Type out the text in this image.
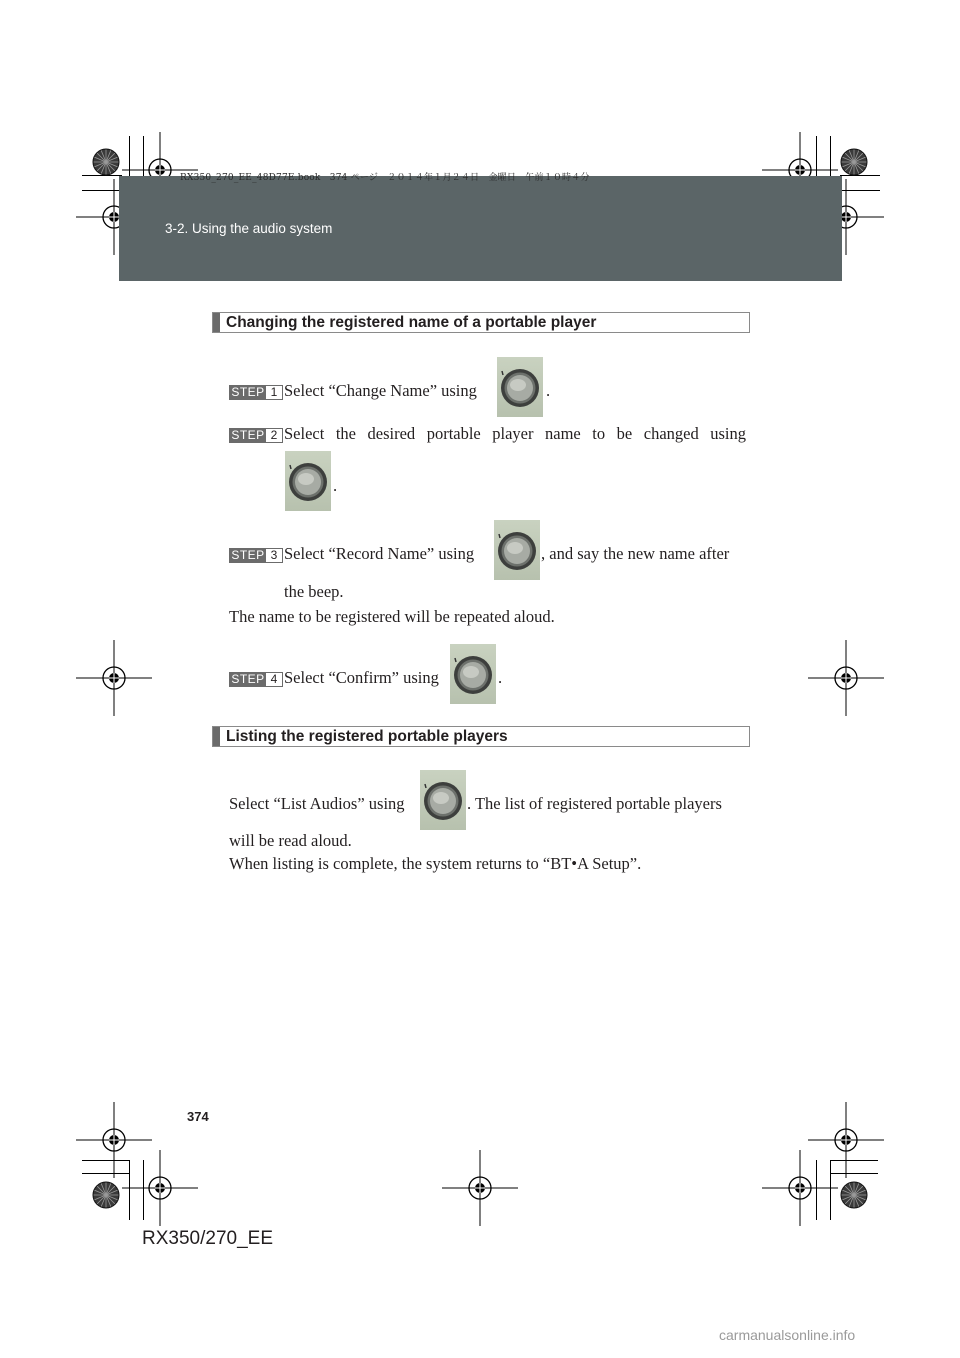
RX350_270_EE_48D77E.book　374 ページ　２０１４年１月２４日　金曜日　午前１０時４分
3-2. Using the audio system
Changing the registered name of a portable player
STEP 1 Select “Change Name” using	.
STEP 2 Select the desired portable player name to be changed using
.
STEP 3 Select “Record Name” using	, and say the new name after
the beep.
The name to be registered will be repeated aloud.
STEP 4 Select “Confirm” using	.
Listing the registered portable players
Select “List Audios” using	. The list of registered portable players
will be read aloud.
When listing is complete, the system returns to “BT•A Setup”.
374
RX350/270_EE
carmanualsonline.info
